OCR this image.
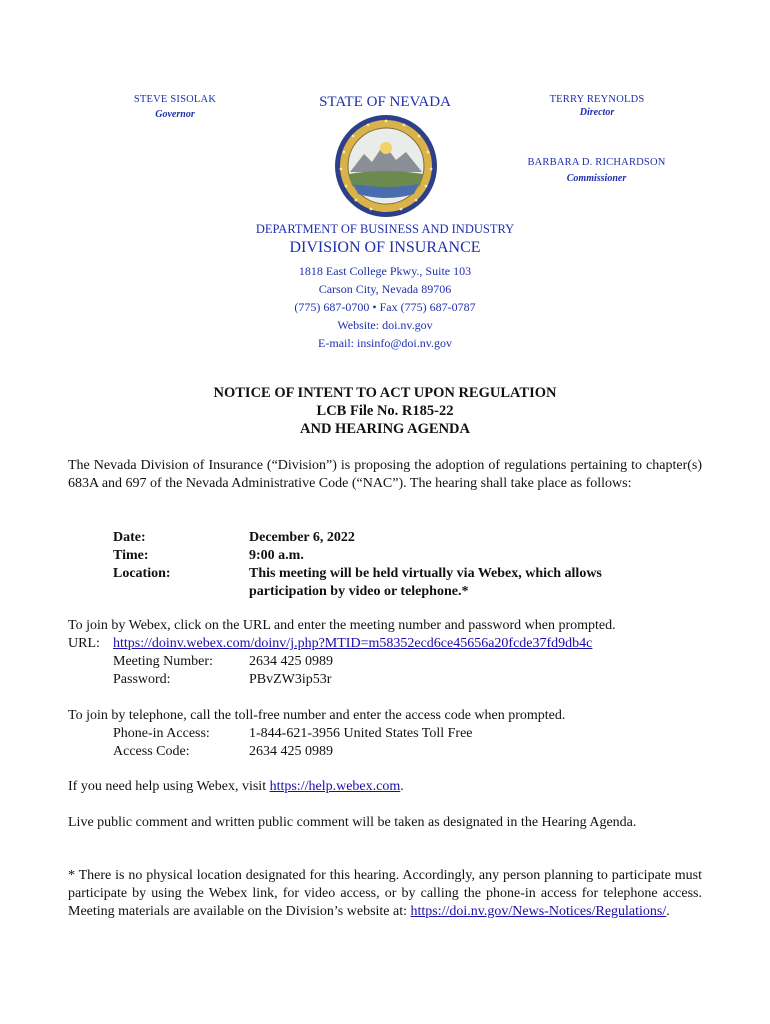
STEVE SISOLAK
Governor
STATE OF NEVADA	TERRY REYNOLDS
Director
BARBARA D. RICHARDSON
Commissioner
DEPARTMENT OF BUSINESS AND INDUSTRY
DIVISION OF INSURANCE
1818 East College Pkwy., Suite 103
Carson City, Nevada 89706
(775) 687-0700 • Fax (775) 687-0787
Website: doi.nv.gov
E-mail: insinfo@doi.nv.gov
NOTICE OF INTENT TO ACT UPON REGULATION
LCB File No. R185-22
AND HEARING AGENDA
The Nevada Division of Insurance (“Division”) is proposing the adoption of regulations pertaining to chapter(s) 683A and 697 of the Nevada Administrative Code (“NAC”). The hearing shall take place as follows:
Date:	December 6, 2022
Time:	9:00 a.m.
Location:	This meeting will be held virtually via Webex, which allows
participation by video or telephone.*
To join by Webex, click on the URL and enter the meeting number and password when prompted.
URL: https://doinv.webex.com/doinv/j.php?MTID=m58352ecd6ce45656a20fcde37fd9db4c
Meeting Number:	2634 425 0989
Password:	PBvZW3ip53r
To join by telephone, call the toll-free number and enter the access code when prompted.
Phone-in Access:	1-844-621-3956 United States Toll Free
Access Code:	2634 425 0989
If you need help using Webex, visit https://help.webex.com.
Live public comment and written public comment will be taken as designated in the Hearing Agenda.
* There is no physical location designated for this hearing. Accordingly, any person planning to participate must participate by using the Webex link, for video access, or by calling the phone-in access for telephone access. Meeting materials are available on the Division’s website at: https://doi.nv.gov/News-Notices/Regulations/.
